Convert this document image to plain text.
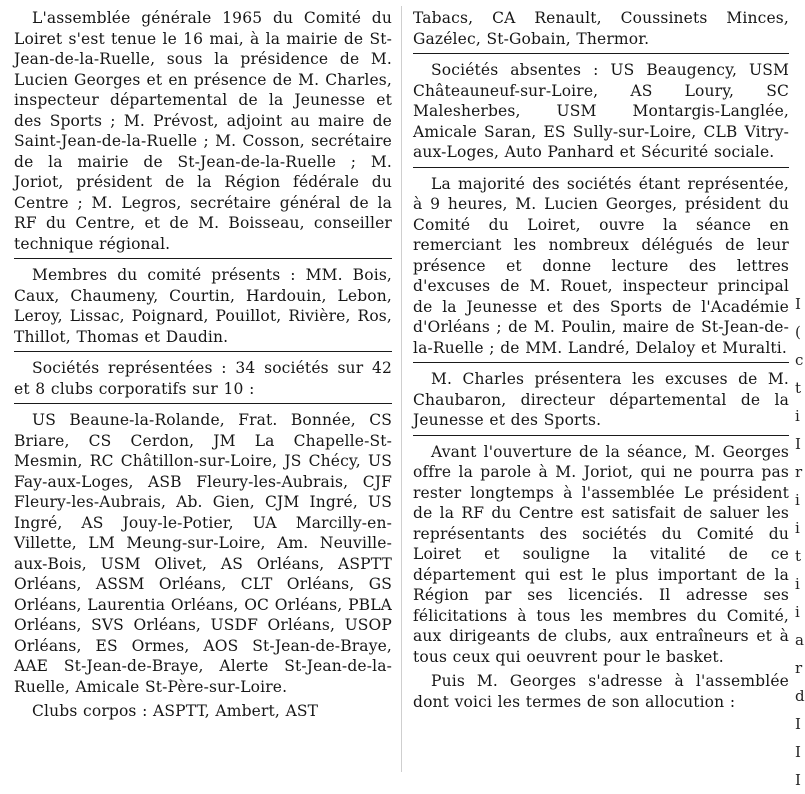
L'assemblée générale 1965 du Comité du Loiret s'est tenue le 16 mai, à la mairie de St-Jean-de-la-Ruelle, sous la présidence de M. Lucien Georges et en présence de M. Charles, inspecteur départemental de la Jeunesse et des Sports ; M. Prévost, adjoint au maire de Saint-Jean-de-la-Ruelle ; M. Cosson, secrétaire de la mairie de St-Jean-de-la-Ruelle ; M. Joriot, président de la Région fédérale du Centre ; M. Legros, secrétaire général de la RF du Centre, et de M. Boisseau, conseiller technique régional.

Membres du comité présents : MM. Bois, Caux, Chaumeny, Courtin, Hardouin, Lebon, Leroy, Lissac, Poignard, Pouillot, Rivière, Ros, Thillot, Thomas et Daudin.

Sociétés représentées : 34 sociétés sur 42 et 8 clubs corporatifs sur 10 :

US Beaune-la-Rolande, Frat. Bonnée, CS Briare, CS Cerdon, JM La Chapelle-St-Mesmin, RC Châtillon-sur-Loire, JS Chécy, US Fay-aux-Loges, ASB Fleury-les-Aubrais, CJF Fleury-les-Aubrais, Ab. Gien, CJM Ingré, US Ingré, AS Jouy-le-Potier, UA Marcilly-en-Villette, LM Meung-sur-Loire, Am. Neuville-aux-Bois, USM Olivet, AS Orléans, ASPTT Orléans, ASSM Orléans, CLT Orléans, GS Orléans, Laurentia Orléans, OC Orléans, PBLA Orléans, SVS Orléans, USDF Orléans, USOP Orléans, ES Ormes, AOS St-Jean-de-Braye, AAE St-Jean-de-Braye, Alerte St-Jean-de-la-Ruelle, Amicale St-Père-sur-Loire.

Clubs corpos : ASPTT, Ambert, AST

Tabacs, CA Renault, Coussinets Minces, Gazélec, St-Gobain, Thermor.

Sociétés absentes : US Beaugency, USM Châteauneuf-sur-Loire, AS Loury, SC Malesherbes, USM Montargis-Langlée, Amicale Saran, ES Sully-sur-Loire, CLB Vitry-aux-Loges, Auto Panhard et Sécurité sociale.

La majorité des sociétés étant représentée, à 9 heures, M. Lucien Georges, président du Comité du Loiret, ouvre la séance en remerciant les nombreux délégués de leur présence et donne lecture des lettres d'excuses de M. Rouet, inspecteur principal de la Jeunesse et des Sports de l'Académie d'Orléans ; de M. Poulin, maire de St-Jean-de-la-Ruelle ; de MM. Landré, Delaloy et Muralti.

M. Charles présentera les excuses de M. Chaubaron, directeur départemental de la Jeunesse et des Sports.

Avant l'ouverture de la séance, M. Georges offre la parole à M. Joriot, qui ne pourra pas rester longtemps à l'assemblée Le président de la RF du Centre est satisfait de saluer les représentants des sociétés du Comité du Loiret et souligne la vitalité de ce département qui est le plus important de la Région par ses licenciés. Il adresse ses félicitations à tous les membres du Comité, aux dirigeants de clubs, aux entraîneurs et à tous ceux qui oeuvrent pour le basket.

Puis M. Georges s'adresse à l'assemblée dont voici les termes de son allocution :

I
(
c
t
i
I
r
i
i
t
i
i
a
r
d
I
I
I
